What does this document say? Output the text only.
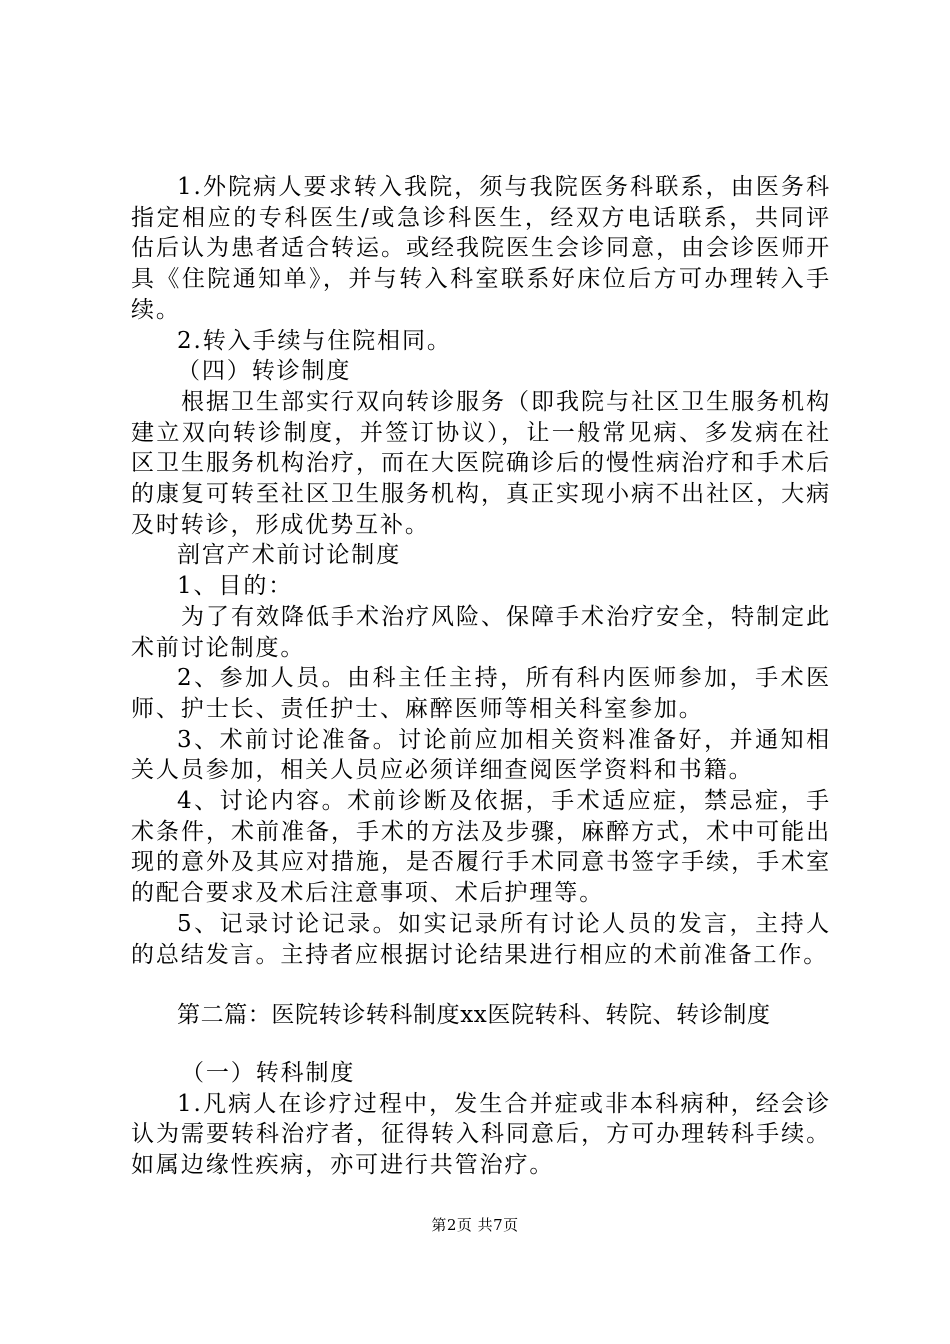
1.外院病人要求转入我院，须与我院医务科联系，由医务科指定相应的专科医生/或急诊科医生，经双方电话联系，共同评估后认为患者适合转运。或经我院医生会诊同意，由会诊医师开具《住院通知单》，并与转入科室联系好床位后方可办理转入手续。

2.转入手续与住院相同。

（四）转诊制度

根据卫生部实行双向转诊服务（即我院与社区卫生服务机构建立双向转诊制度，并签订协议），让一般常见病、多发病在社区卫生服务机构治疗，而在大医院确诊后的慢性病治疗和手术后的康复可转至社区卫生服务机构，真正实现小病不出社区，大病及时转诊，形成优势互补。

剖宫产术前讨论制度

1、目的：

为了有效降低手术治疗风险、保障手术治疗安全，特制定此术前讨论制度。

2、参加人员。由科主任主持，所有科内医师参加，手术医师、护士长、责任护士、麻醉医师等相关科室参加。

3、术前讨论准备。讨论前应加相关资料准备好，并通知相关人员参加，相关人员应必须详细查阅医学资料和书籍。

4、讨论内容。术前诊断及依据，手术适应症，禁忌症，手术条件，术前准备，手术的方法及步骤，麻醉方式，术中可能出现的意外及其应对措施，是否履行手术同意书签字手续，手术室的配合要求及术后注意事项、术后护理等。

5、记录讨论记录。如实记录所有讨论人员的发言，主持人的总结发言。主持者应根据讨论结果进行相应的术前准备工作。

第二篇：医院转诊转科制度xx医院转科、转院、转诊制度

（一）转科制度

1.凡病人在诊疗过程中，发生合并症或非本科病种，经会诊认为需要转科治疗者，征得转入科同意后，方可办理转科手续。如属边缘性疾病，亦可进行共管治疗。

第2页 共7页
